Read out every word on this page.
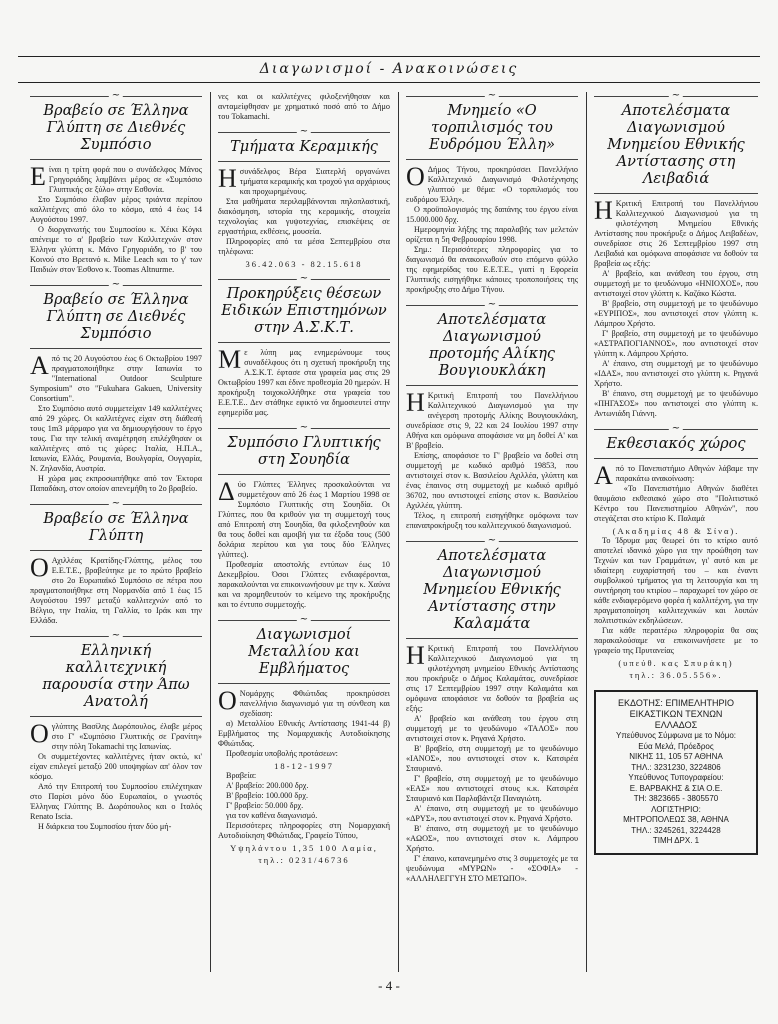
Διαγωνισμοί - Ανακοινώσεις
~
Βραβείο σε Έλληνα Γλύπτη σε Διεθνές Συμπόσιο

Είναι η τρίτη φορά που ο συνάδελφος Μάνος Γρηγοριάδης λαμβάνει μέρος σε «Συμπόσιο Γλυπτικής σε ξύλο» στην Εσθονία.

Στο Συμπόσιο έλαβαν μέρος τριάντα περίπου καλλιτέχνες από όλο το κόσμο, από 4 έως 14 Αυγούστου 1997.

Ο διοργανωτής του Συμποσίου κ. Χέικι Κόγκι απένειμε το α' βραβείο των Καλλιτεχνών στον Έλληνα γλύπτη κ. Μάνο Γρηγοριάδη, το β' του Κοινού στο Βρετανό κ. Mike Leach και το γ' των Παιδιών στον Έσθονο κ. Toomas Altnurme.

~
Βραβείο σε Έλληνα Γλύπτη σε Διεθνές Συμπόσιο

Από τις 20 Αυγούστου έως 6 Οκτωβρίου 1997 πραγματοποιήθηκε στην Ιαπωνία το "International Outdoor Sculpture Symposium" στο "Fukuhara Gakuen, University Consortium".

Στο Συμπόσιο αυτό συμμετείχαν 149 καλλιτέχνες από 29 χώρες. Οι καλλιτέχνες είχαν στη διάθεσή τους 1m3 μάρμαρο για να δημιουργήσουν το έργο τους. Για την τελική αναμέτρηση επιλέχθησαν οι καλλιτέχνες από τις χώρες: Ιταλία, Η.Π.Α., Ιαπωνία, Ελλάς, Ρουμανία, Βουλγαρία, Ουγγαρία, Ν. Ζηλανδία, Αυστρία.

Η χώρα μας εκπροσωπήθηκε από τον Έκτορα Παπαδάκη, στον οποίον απενεμήθη το 2ο βραβείο.

~
Βραβείο σε Έλληνα Γλύπτη

Ο Αχιλλέας Κρατίδης-Γλύπτης, μέλος του Ε.Ε.Τ.Ε., βραβεύτηκε με το πρώτο βραβείο στο 2ο Ευρωπαϊκό Συμπόσιο σε πέτρα που πραγματοποιήθηκε στη Νορμανδία από 1 έως 15 Αυγούστου 1997 μεταξύ καλλιτεχνών από το Βέλγιο, την Ιταλία, τη Γαλλία, το Ιράκ και την Ελλάδα.

~
Ελληνική καλλιτεχνική παρουσία στην Άπω Ανατολή

Ογλύπτης Βασίλης Δωρόπουλος, έλαβε μέρος στο Γ' «Συμπόσιο Γλυπτικής σε Γρανίτη» στην πόλη Tokamachi της Ιαπωνίας.

Οι συμμετέχοντες καλλιτέχνες ήταν οκτώ, κι' είχαν επιλεγεί μεταξύ 200 υποψηφίων απ' όλον τον κόσμο.

Από την Επιτροπή του Συμποσίου επιλέχτηκαν στο Παρίσι μόνο δύο Ευρωπαίοι, ο γνωστός Έλληνας Γλύπτης Β. Δωρόπουλος και ο Ιταλός Renato Iscia.

Η διάρκεια του Συμποσίου ήταν δύο μή-

νες και οι καλλιτέχνες φιλοξενήθησαν και ανταμείφθησαν με χρηματικό ποσό από το Δήμο του Tokamachi.

~
Τμήματα Κεραμικής

Ησυνάδελφος Βέρα Σιατερλή οργανώνει τμήματα κεραμικής και τροχού για αρχάριους και προχωρημένους.

Στα μαθήματα περιλαμβάνονται πηλοπλαστική, διακόσμηση, ιστορία της κεραμικής, στοιχεία τεχνολογίας και γυψοτεχνίας, επισκέψεις σε εργαστήρια, εκθέσεις, μουσεία.

Πληροφορίες από τα μέσα Σεπτεμβρίου στα τηλέφωνα:

36.42.063 - 82.15.618
~
Προκηρύξεις θέσεων Ειδικών Επιστημόνων στην Α.Σ.Κ.Τ.

Με λύπη μας ενημερώνουμε τους συναδέλφους ότι η σχετική προκήρυξη της Α.Σ.Κ.Τ. έφτασε στα γραφεία μας στις 29 Οκτωβρίου 1997 και έδινε προθεσμία 20 ημερών. Η προκήρυξη τοιχοκολλήθηκε στα γραφεία του Ε.Ε.Τ.Ε.. Δεν στάθηκε εφικτό να δημοσιευτεί στην εφημερίδα μας.

~
Συμπόσιο Γλυπτικής στη Σουηδία

Δύο Γλύπτες Έλληνες προσκαλούνται να συμμετέχουν από 26 έως 1 Μαρτίου 1998 σε Συμπόσιο Γλυπτικής στη Σουηδία. Οι Γλύπτες, που θα κριθούν για τη συμμετοχή τους από Επιτροπή στη Σουηδία, θα φιλοξενηθούν και θα τους δοθεί και αμοιβή για τα έξοδα τους (500 δολάρια περίπου και για τους δύο Έλληνες γλύπτες).

Προθεσμία αποστολής εντύπων έως 10 Δεκεμβρίου. Όσοι Γλύπτες ενδιαφέρονται, παρακαλούνται να επικοινωνήσουν με την κ. Χαύνα και να προμηθευτούν το κείμενο της προκήρυξης και το έντυπο συμμετοχής.

~
Διαγωνισμοί Μεταλλίου και Εμβλήματος

Ο Νομάρχης Φθιώτιδας προκηρύσσει πανελλήνιο διαγωνισμό για τη σύνθεση και σχεδίαση:

α) Μεταλλίου Εθνικής Αντίστασης 1941-44 β) Εμβλήματος της Νομαρχιακής Αυτοδιοίκησης Φθιώτιδας.

Προθεσμία υποβολής προτάσεων:

18-12-1997

Βραβεία:

Α' βραβείο: 200.000 δρχ.

Β' βραβείο: 100.000 δρχ.

Γ' βραβείο: 50.000 δρχ.

για τον καθένα διαγωνισμό.

Περισσότερες πληροφορίες στη Νομαρχιακή Αυτοδιοίκηση Φθιώτιδας, Γραφείο Τύπου,

Υψηλάντου 1,35 100 Λαμία,
τηλ.: 0231/46736
~
Μνημείο «Ο τορπιλισμός του Ευδρόμου Έλλη»

Ο Δήμος Τήνου, προκηρύσσει Πανελλήνιο Καλλιτεχνικό Διαγωνισμό Φιλοτέχνησης γλυπτού με θέμα: «Ο τορπιλισμός του ευδρόμου Έλλη».

Ο προϋπολογισμός της δαπάνης του έργου είναι 15.000.000 δρχ.

Ημερομηνία λήξης της παραλαβής των μελετών ορίζεται η 5η Φεβρουαρίου 1998.

Σημ.: Περισσότερες πληροφορίες για το διαγωνισμό θα ανακοινωθούν στο επόμενο φύλλο της εφημερίδας του Ε.Ε.Τ.Ε., γιατί η Εφορεία Γλυπτικής εισηγήθηκε κάποιες τροποποιήσεις της προκήρυξης στο Δήμο Τήνου.

~
Αποτελέσματα Διαγωνισμού προτομής Αλίκης Βουγιουκλάκη

Η Κριτική Επιτροπή του Πανελλήνιου Καλλιτεχνικού Διαγωνισμού για την ανέγερση προτομής Αλίκης Βουγιουκλάκη, συνεδρίασε στις 9, 22 και 24 Ιουλίου 1997 στην Αθήνα και ομόφωνα αποφάσισε να μη δοθεί Α' και Β' βραβείο.

Επίσης, αποφάσισε το Γ' βραβείο να δοθεί στη συμμετοχή με κωδικό αριθμό 19853, που αντιστοιχεί στον κ. Βασιλείου Αχιλλέα, γλύπτη και ένας έπαινος στη συμμετοχή με κωδικό αριθμό 36702, που αντιστοιχεί επίσης στον κ. Βασιλείου Αχιλλέα, γλύπτη.

Τέλος, η επιτροπή εισηγήθηκε ομόφωνα των επαναπροκήρυξη του καλλιτεχνικού διαγωνισμού.

~
Αποτελέσματα Διαγωνισμού Μνημείου Εθνικής Αντίστασης στην Καλαμάτα

Η Κριτική Επιτροπή του Πανελλήνιου Καλλιτεχνικού Διαγωνισμού για τη φιλοτέχνηση μνημείου Εθνικής Αντίστασης που προκήρυξε ο Δήμος Καλαμάτας, συνεδρίασε στις 17 Σεπτεμβρίου 1997 στην Καλαμάτα και ομόφωνα αποφάσισε να δοθούν τα βραβεία ως εξής:

Α' βραβείο και ανάθεση του έργου στη συμμετοχή με το ψευδώνυμο «ΤΑΛΟΣ» που αντιστοιχεί στον κ. Ρηγανά Χρήστο.

Β' βραβείο, στη συμμετοχή με το ψευδώνυμο «ΙΑΝΟΣ», που αντιστοιχεί στον κ. Κατσιρέα Σταυριανό.

Γ' βραβείο, στη συμμετοχή με το ψευδώνυμο «ΕΑΣ» που αντιστοιχεί στους κ.κ. Κατσιρέα Σταυριανό και Παρλαβάντζα Παναγιώτη.

Α' έπαινο, στη συμμετοχή με το ψευδώνυμο «ΔΡΥΣ», που αντιστοιχεί στον κ. Ρηγανά Χρήστο.

Β' έπαινο, στη συμμετοχή με το ψευδώνυμο «ΑΩΟΣ», που αντιστοιχεί στον κ. Λάμπρου Χρήστο.

Γ' έπαινο, κατανεμημένο στις 3 συμμετοχές με τα ψευδώνυμα «ΜΥΡΩΝ» - «ΣΟΦΙΑ» - «ΑΛΛΗΛΕΓΓΥΗ ΣΤΟ ΜΕΤΩΠΟ».

~
Αποτελέσματα Διαγωνισμού Μνημείου Εθνικής Αντίστασης στη Λειβαδιά

Η Κριτική Επιτροπή του Πανελλήνιου Καλλιτεχνικού Διαγωνισμού για τη φιλοτέχνηση Μνημείου Εθνικής Αντίστασης που προκήρυξε ο Δήμος Λειβαδέων, συνεδρίασε στις 26 Σεπτεμβρίου 1997 στη Λειβαδιά και ομόφωνα αποφάσισε να δοθούν τα βραβεία ως εξής:

Α' βραβείο, και ανάθεση του έργου, στη συμμετοχή με το ψευδώνυμο «ΗΝΙΟΧΟΣ», που αντιστοιχεί στον γλύπτη κ. Καζάκο Κώστα.

Β' βραβείο, στη συμμετοχή με το ψευδώνυμο «ΕΥΡΙΠΟΣ», που αντιστοιχεί στον γλύπτη κ. Λάμπρου Χρήστο.

Γ' βραβείο, στη συμμετοχή με το ψευδώνυμο «ΑΣΤΡΑΠΟΓΙΑΝΝΟΣ», που αντιστοιχεί στον γλύπτη κ. Λάμπρου Χρήστο.

Α' έπαινο, στη συμμετοχή με το ψευδώνυμο «ΙΔΑΣ», που αντιστοιχεί στο γλύπτη κ. Ρηγανά Χρήστο.

Β' έπαινο, στη συμμετοχή με το ψευδώνυμο «ΠΗΓΑΣΟΣ» που αντιστοιχεί στο γλύπτη κ. Αντωνιάδη Γιάννη.

~
Εκθεσιακός χώρος

Από το Πανεπιστήμιο Αθηνών λάβαμε την παρακάτω ανακοίνωση:

«Το Πανεπιστήμιο Αθηνών διαθέτει θαυμάσιο εκθεσιακό χώρο στο "Πολιτιστικό Κέντρο του Πανεπιστημίου Αθηνών", που στεγάζεται στο κτίριο Κ. Παλαμά

(Ακαδημίας 48 & Σίνα).

Το Ίδρυμα μας θεωρεί ότι το κτίριο αυτό αποτελεί ιδανικό χώρο για την προώθηση των Τεχνών και των Γραμμάτων, γι' αυτό και με ιδιαίτερη ευχαρίστησή του – και έναντι συμβολικού τμήματος για τη λειτουργία και τη συντήρηση του κτιρίου – παραχωρεί τον χώρο σε κάθε ενδιαφερόμενο φορέα ή καλλιτέχνη, για την πραγματοποίηση καλλιτεχνικών και λοιπών πολιτιστικών εκδηλώσεων.

Για κάθε περαιτέρω πληροφορία θα σας παρακαλούσαμε να επικοινωνήσετε με το γραφείο της Πρυτανείας

(υπεύθ. κας Σπυράκη)
τηλ.: 36.05.556».
ΕΚΔΟΤΗΣ: ΕΠΙΜΕΛΗΤΗΡΙΟ
ΕΙΚΑΣΤΙΚΩΝ ΤΕΧΝΩΝ
ΕΛΛΑΔΟΣ
Υπεύθυνος Σύμφωνα με το Νόμο:
Εύα Μελά, Πρόεδρος
ΝΙΚΗΣ 11, 105 57 ΑΘΗΝΑ
ΤΗΛ.: 3231230, 3224806
Υπεύθυνος Τυπογραφείου:
Ε. ΒΑΡΒΑΚΗΣ & ΣΙΑ Ο.Ε.
ΤΗ: 3823665 - 3805570
ΛΟΓΙΣΤΗΡΙΟ:
ΜΗΤΡΟΠΟΛΕΩΣ 38, ΑΘΗΝΑ
ΤΗΛ.: 3245261, 3224428
ΤΙΜΗ ΔΡΧ. 1
- 4 -
